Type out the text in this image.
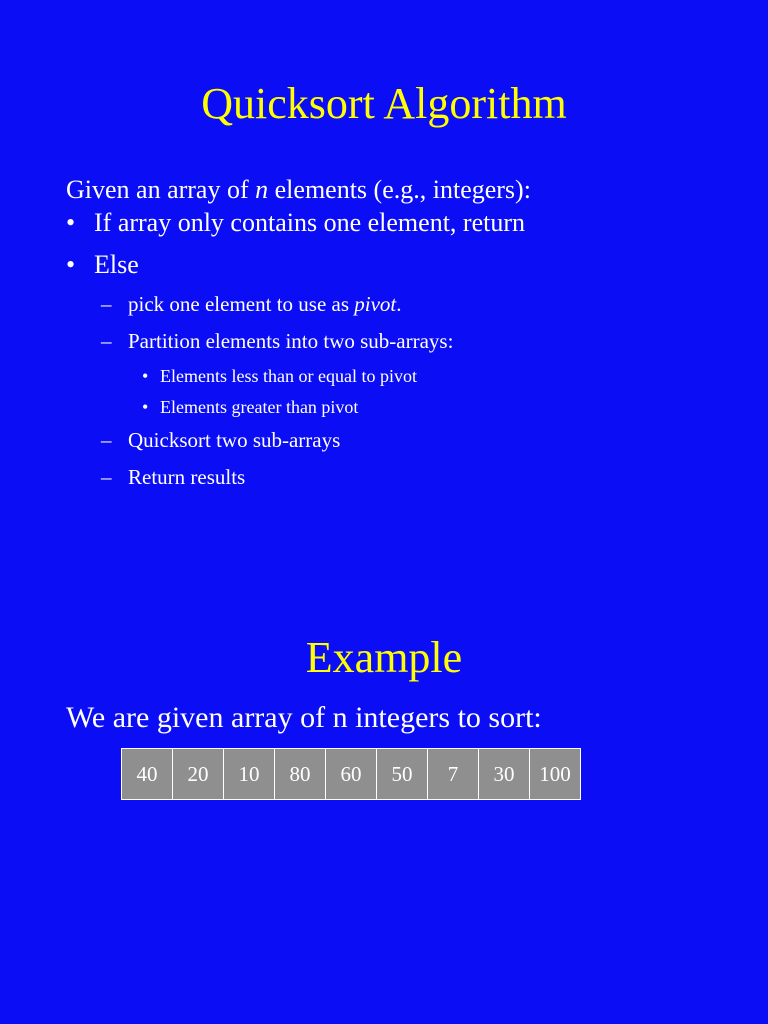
Quicksort Algorithm
Given an array of n elements (e.g., integers):
• If array only contains one element, return
• Else
– pick one element to use as pivot.
– Partition elements into two sub-arrays:
• Elements less than or equal to pivot
• Elements greater than pivot
– Quicksort two sub-arrays
– Return results
Example
We are given array of n integers to sort:
40	20	10	80	60	50	7	30	100
